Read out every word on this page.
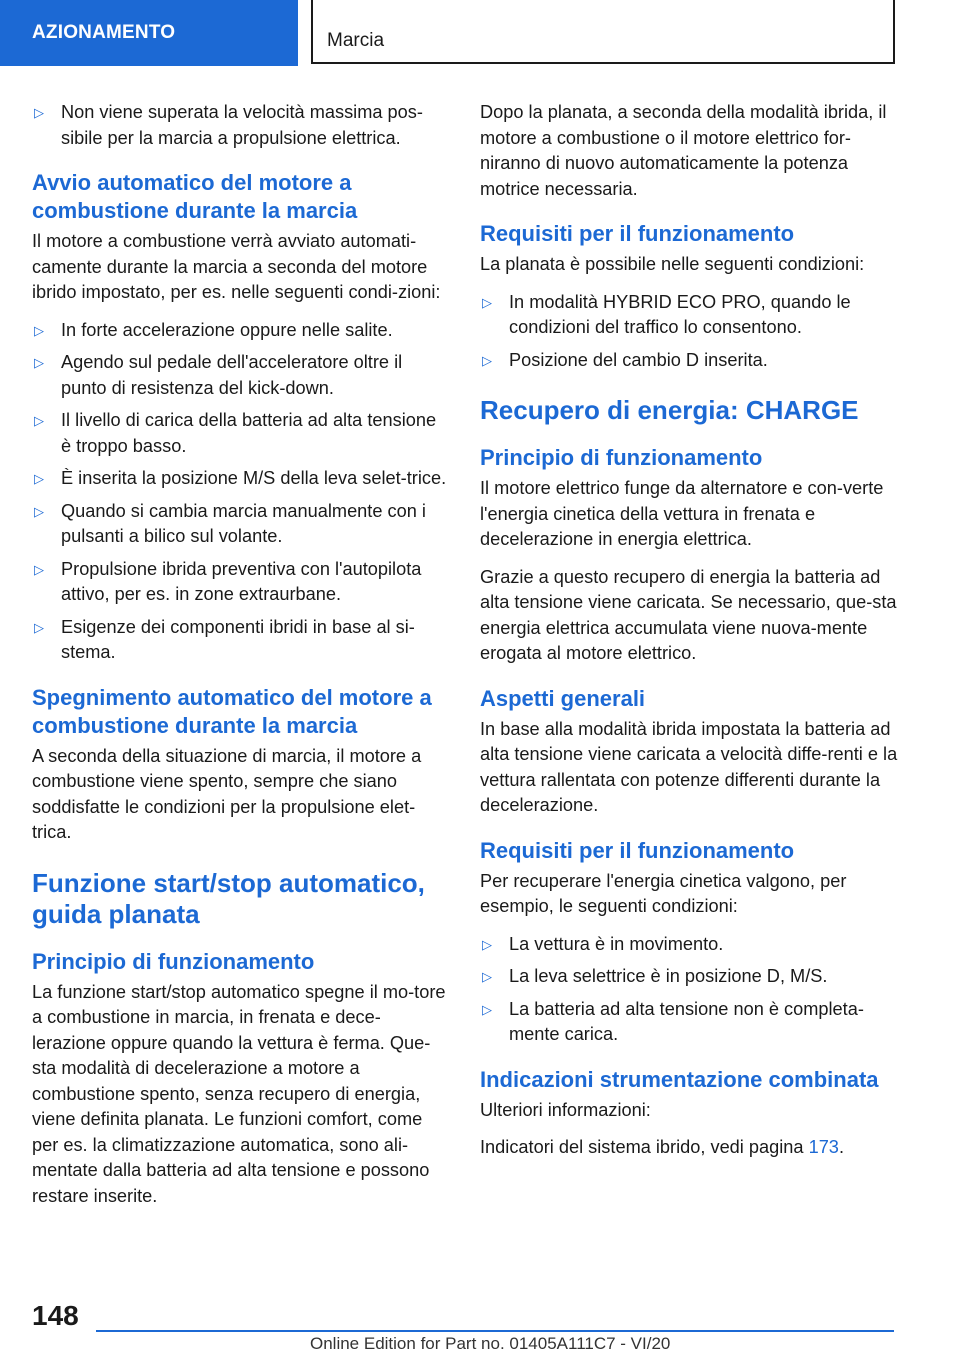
AZIONAMENTO	Marcia
▷ Non viene superata la velocità massima pos-sibile per la marcia a propulsione elettrica.
Avvio automatico del motore a combustione durante la marcia

Il motore a combustione verrà avviato automati-camente durante la marcia a seconda del motore ibrido impostato, per es. nelle seguenti condi-zioni:

▷ In forte accelerazione oppure nelle salite.
▷ Agendo sul pedale dell'acceleratore oltre il punto di resistenza del kick-down.
▷ Il livello di carica della batteria ad alta tensione è troppo basso.
▷ È inserita la posizione M/S della leva selet-trice.
▷ Quando si cambia marcia manualmente con i pulsanti a bilico sul volante.
▷ Propulsione ibrida preventiva con l'autopilota attivo, per es. in zone extraurbane.
▷ Esigenze dei componenti ibridi in base al si-stema.
Spegnimento automatico del motore a combustione durante la marcia

A seconda della situazione di marcia, il motore a combustione viene spento, sempre che siano soddisfatte le condizioni per la propulsione elet-trica.

Funzione start/stop automatico, guida planata
Principio di funzionamento

La funzione start/stop automatico spegne il mo-tore a combustione in marcia, in frenata e dece-lerazione oppure quando la vettura è ferma. Que-sta modalità di decelerazione a motore a combustione spento, senza recupero di energia, viene definita planata. Le funzioni comfort, come per es. la climatizzazione automatica, sono ali-mentate dalla batteria ad alta tensione e possono restare inserite.

Dopo la planata, a seconda della modalità ibrida, il motore a combustione o il motore elettrico for-niranno di nuovo automaticamente la potenza motrice necessaria.

Requisiti per il funzionamento

La planata è possibile nelle seguenti condizioni:

▷ In modalità HYBRID ECO PRO, quando le condizioni del traffico lo consentono.
▷ Posizione del cambio D inserita.
Recupero di energia: CHARGE
Principio di funzionamento

Il motore elettrico funge da alternatore e con-verte l'energia cinetica della vettura in frenata e decelerazione in energia elettrica.

Grazie a questo recupero di energia la batteria ad alta tensione viene caricata. Se necessario, que-sta energia elettrica accumulata viene nuova-mente erogata al motore elettrico.

Aspetti generali

In base alla modalità ibrida impostata la batteria ad alta tensione viene caricata a velocità diffe-renti e la vettura rallentata con potenze differenti durante la decelerazione.

Requisiti per il funzionamento

Per recuperare l'energia cinetica valgono, per esempio, le seguenti condizioni:

▷ La vettura è in movimento.
▷ La leva selettrice è in posizione D, M/S.
▷ La batteria ad alta tensione non è completa-mente carica.
Indicazioni strumentazione combinata

Ulteriori informazioni:

Indicatori del sistema ibrido, vedi pagina 173.

148
Online Edition for Part no. 01405A111C7 - VI/20
